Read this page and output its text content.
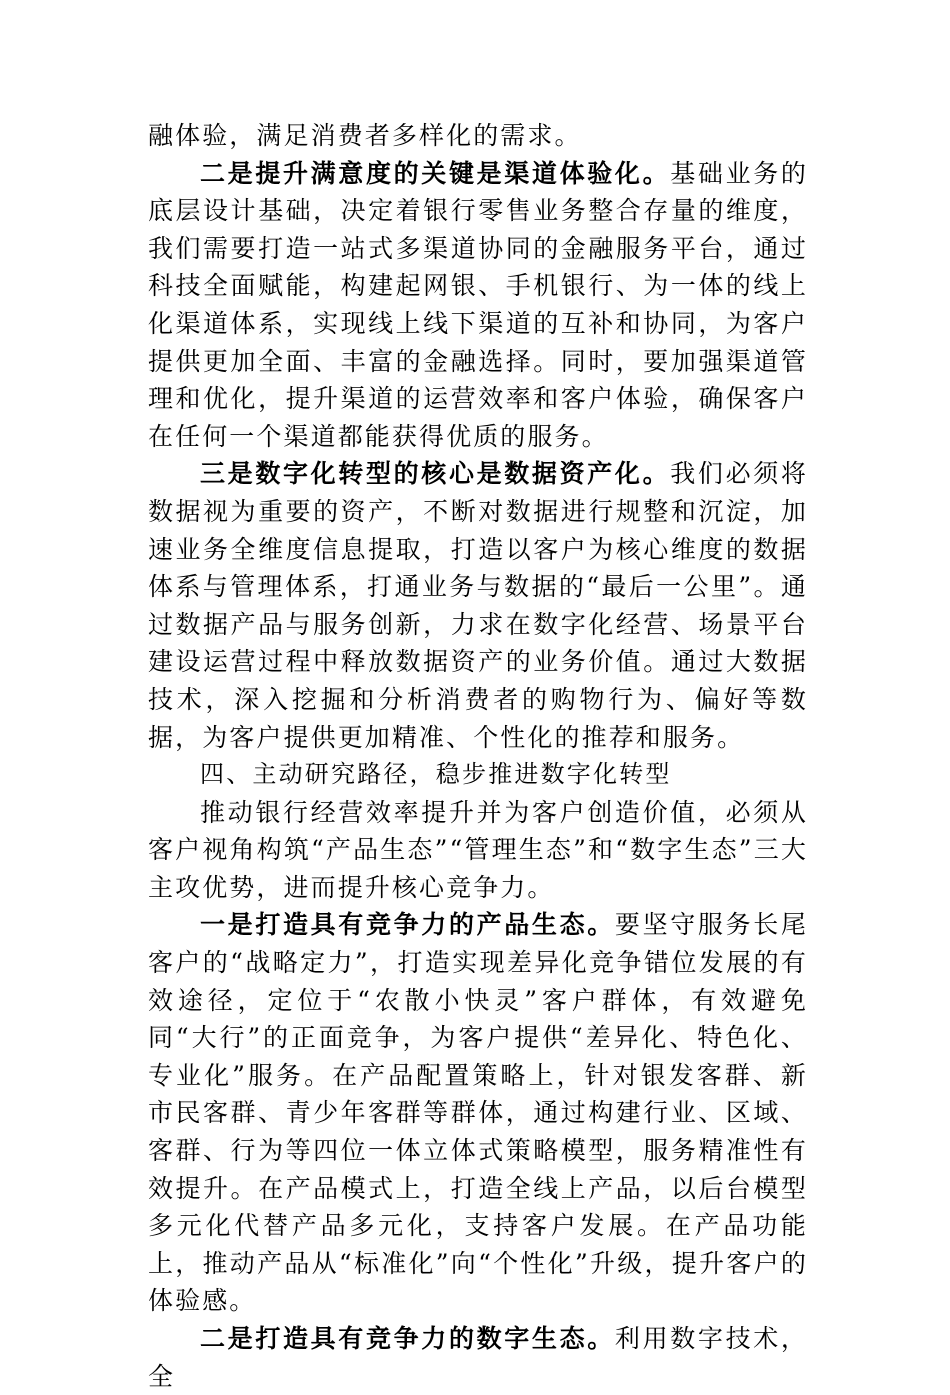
融体验，满足消费者多样化的需求。

二是提升满意度的关键是渠道体验化。基础业务的底层设计基础，决定着银行零售业务整合存量的维度，我们需要打造一站式多渠道协同的金融服务平台，通过科技全面赋能，构建起网银、手机银行、为一体的线上化渠道体系，实现线上线下渠道的互补和协同，为客户提供更加全面、丰富的金融选择。同时，要加强渠道管理和优化，提升渠道的运营效率和客户体验，确保客户在任何一个渠道都能获得优质的服务。

三是数字化转型的核心是数据资产化。我们必须将数据视为重要的资产，不断对数据进行规整和沉淀，加速业务全维度信息提取，打造以客户为核心维度的数据体系与管理体系，打通业务与数据的“最后一公里”。通过数据产品与服务创新，力求在数字化经营、场景平台建设运营过程中释放数据资产的业务价值。通过大数据技术，深入挖掘和分析消费者的购物行为、偏好等数据，为客户提供更加精准、个性化的推荐和服务。

四、主动研究路径，稳步推进数字化转型

推动银行经营效率提升并为客户创造价值，必须从客户视角构筑“产品生态”“管理生态”和“数字生态”三大主攻优势，进而提升核心竞争力。

一是打造具有竞争力的产品生态。要坚守服务长尾客户的“战略定力”，打造实现差异化竞争错位发展的有效途径，定位于“农散小快灵”客户群体，有效避免同“大行”的正面竞争，为客户提供“差异化、特色化、专业化”服务。在产品配置策略上，针对银发客群、新市民客群、青少年客群等群体，通过构建行业、区域、客群、行为等四位一体立体式策略模型，服务精准性有效提升。在产品模式上，打造全线上产品，以后台模型多元化代替产品多元化，支持客户发展。在产品功能上，推动产品从“标准化”向“个性化”升级，提升客户的体验感。

二是打造具有竞争力的数字生态。利用数字技术，全
